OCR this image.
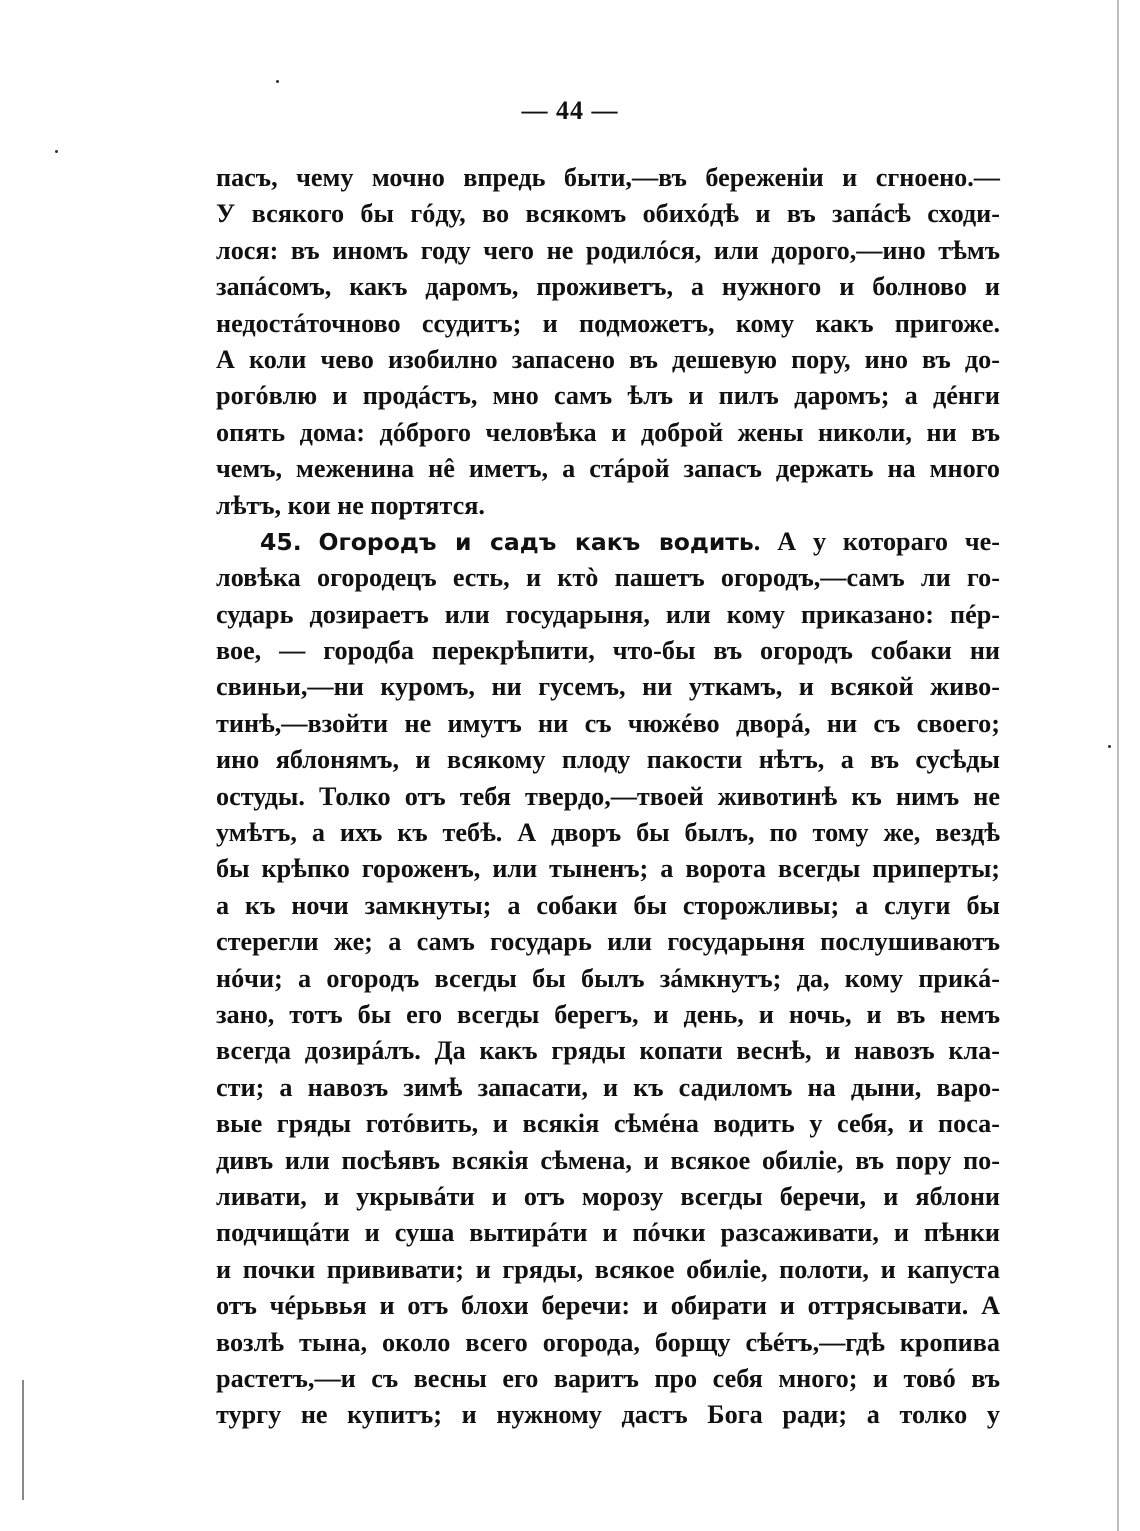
— 44 —
пасъ, чему мочно впредь быти,—въ береженіи и сгноено.—
У всякого бы гóду, во всякомъ обихóдѣ и въ запáсѣ сходи-
лося: въ иномъ году чего не родилóся, или дорого,—ино тѣмъ
запáсомъ, какъ даромъ, проживетъ, а нужного и болново и
недостáточново ссудитъ; и подможетъ, кому какъ пригоже.
А коли чево изобилно запасено въ дешевую пору, ино въ до-
рогóвлю и продáстъ, мно самъ ѣлъ и пилъ даромъ; а дéнги
опять дома: дóброго человѣка и доброй жены николи, ни въ
чемъ, меженина нê иметъ, а стáрой запасъ держать на много
лѣтъ, кои не портятся.
45. Огородъ и садъ какъ водить. А у котораго че-
ловѣка огородецъ есть, и ктò пашетъ огородъ,—самъ ли го-
сударь дозираетъ или государыня, или кому приказано: пéр-
вое, — городба перекрѣпити, что-бы въ огородъ собаки ни
свиньи,—ни куромъ, ни гусемъ, ни уткамъ, и всякой живо-
тинѣ,—взойти не имутъ ни съ чюжéво дворá, ни съ своего;
ино яблонямъ, и всякому плоду пакости нѣтъ, а въ сусѣды
остуды. Толко отъ тебя твердо,—твоей животинѣ къ нимъ не
умѣтъ, а ихъ къ тебѣ. А дворъ бы былъ, по тому же, вездѣ
бы крѣпко гороженъ, или тыненъ; а ворота всегды приперты;
а къ ночи замкнуты; а собаки бы сторожливы; а слуги бы
стерегли же; а самъ государь или государыня послушиваютъ
нóчи; а огородъ всегды бы былъ зáмкнутъ; да, кому прикá-
зано, тотъ бы его всегды берегъ, и день, и ночь, и въ немъ
всегда дозирáлъ. Да какъ гряды копати веснѣ, и навозъ кла-
сти; а навозъ зимѣ запасати, и къ садиломъ на дыни, варо-
вые гряды готóвить, и всякія сѣмéна водить у себя, и поса-
дивъ или посѣявъ всякія сѣмена, и всякое обиліе, въ пору по-
ливати, и укрывáти и отъ морозу всегды беречи, и яблони
подчищáти и суша вытирáти и пóчки разсаживати, и пѣнки
и почки прививати; и гряды, всякое обиліе, полоти, и капуста
отъ чéрьвья и отъ блохи беречи: и обирати и оттрясывати. А
возлѣ тына, около всего огорода, борщу сѣéтъ,—гдѣ кропива
растетъ,—и съ весны его варитъ про себя много; и товó въ
тургу не купитъ; и нужному дастъ Бога ради; а толко у
